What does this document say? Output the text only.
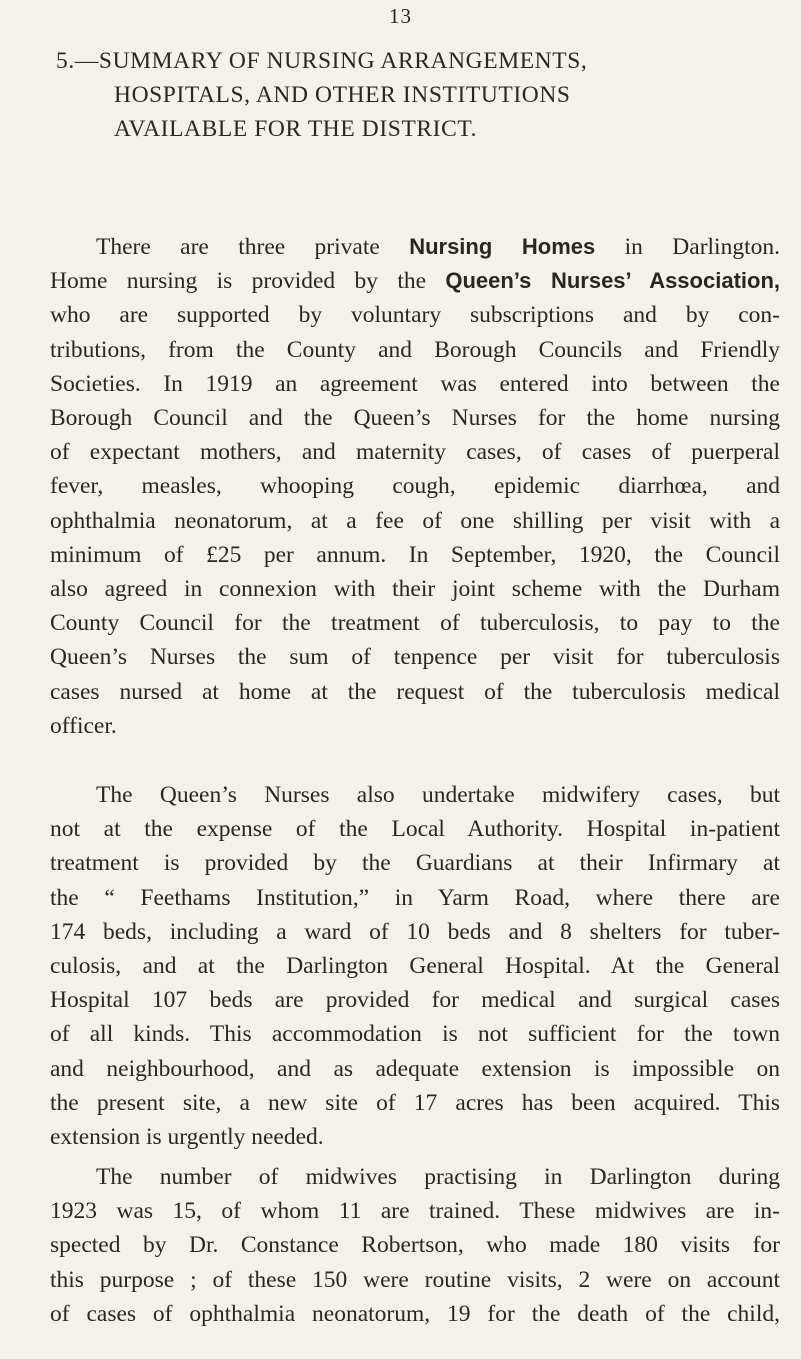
13
5.—SUMMARY OF NURSING ARRANGEMENTS,
HOSPITALS, AND OTHER INSTITUTIONS
AVAILABLE FOR THE DISTRICT.
There are three private Nursing Homes in Darlington.
Home nursing is provided by the Queen’s Nurses’ Association,
who are supported by voluntary subscriptions and by con-
tributions, from the County and Borough Councils and Friendly
Societies. In 1919 an agreement was entered into between the
Borough Council and the Queen’s Nurses for the home nursing
of expectant mothers, and maternity cases, of cases of puerperal
fever, measles, whooping cough, epidemic diarrhœa, and
ophthalmia neonatorum, at a fee of one shilling per visit with a
minimum of £25 per annum. In September, 1920, the Council
also agreed in connexion with their joint scheme with the Durham
County Council for the treatment of tuberculosis, to pay to the
Queen’s Nurses the sum of tenpence per visit for tuberculosis
cases nursed at home at the request of the tuberculosis medical
officer.
The Queen’s Nurses also undertake midwifery cases, but
not at the expense of the Local Authority. Hospital in-patient
treatment is provided by the Guardians at their Infirmary at
the “ Feethams Institution,” in Yarm Road, where there are
174 beds, including a ward of 10 beds and 8 shelters for tuber-
culosis, and at the Darlington General Hospital. At the General
Hospital 107 beds are provided for medical and surgical cases
of all kinds. This accommodation is not sufficient for the town
and neighbourhood, and as adequate extension is impossible on
the present site, a new site of 17 acres has been acquired. This
extension is urgently needed.
The number of midwives practising in Darlington during
1923 was 15, of whom 11 are trained. These midwives are in-
spected by Dr. Constance Robertson, who made 180 visits for
this purpose ; of these 150 were routine visits, 2 were on account
of cases of ophthalmia neonatorum, 19 for the death of the child,
